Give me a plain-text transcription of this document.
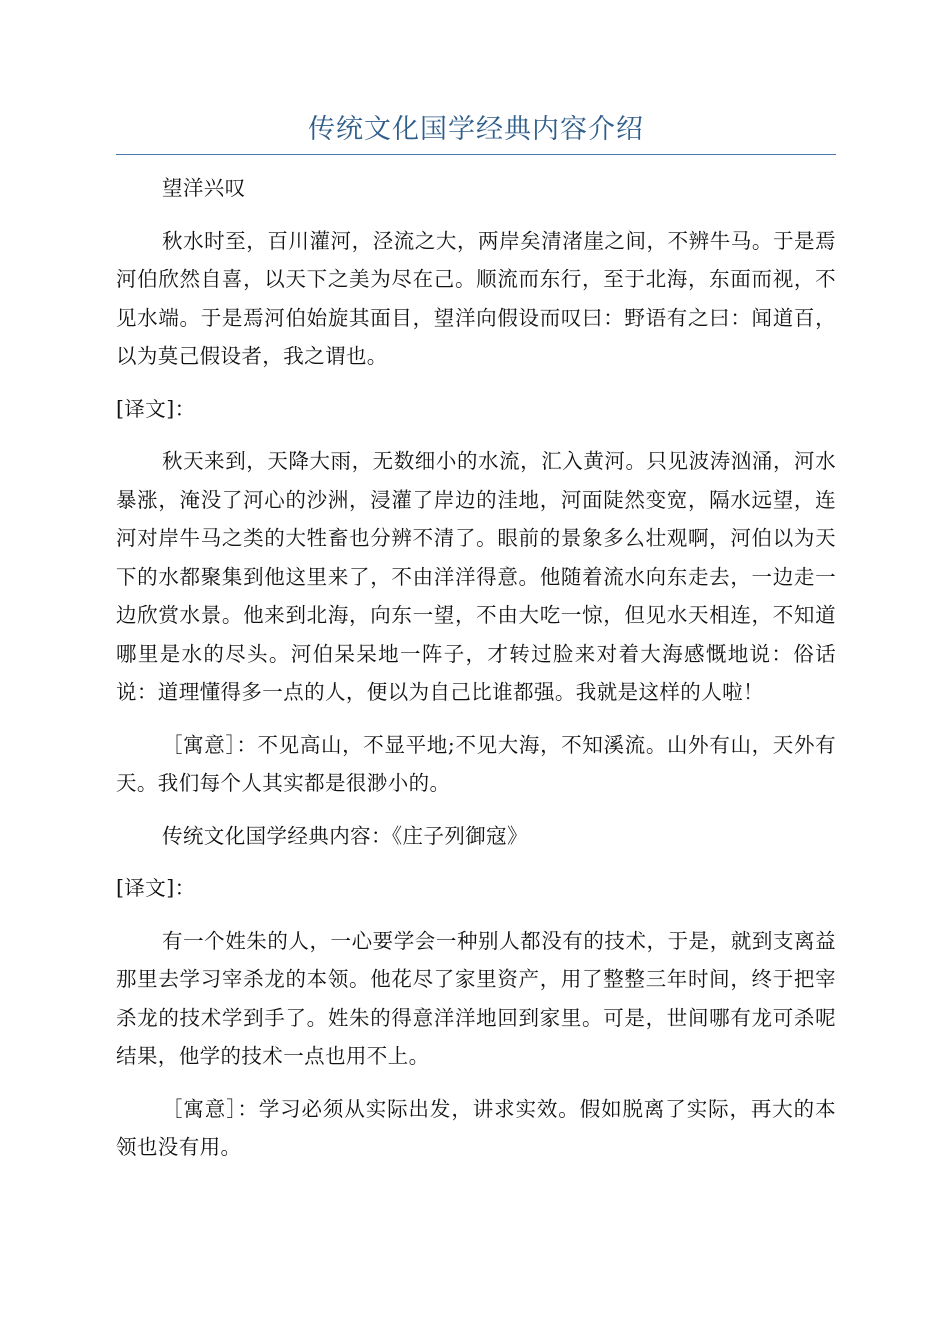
传统文化国学经典内容介绍

望洋兴叹

秋水时至，百川灌河，泾流之大，两岸矣清渚崖之间，不辨牛马。于是焉河伯欣然自喜，以天下之美为尽在己。顺流而东行，至于北海，东面而视，不见水端。于是焉河伯始旋其面目，望洋向假设而叹曰：野语有之曰：闻道百，以为莫己假设者，我之谓也。

[译文]：

秋天来到，天降大雨，无数细小的水流，汇入黄河。只见波涛汹涌，河水暴涨，淹没了河心的沙洲，浸灌了岸边的洼地，河面陡然变宽，隔水远望，连河对岸牛马之类的大牲畜也分辨不清了。眼前的景象多么壮观啊，河伯以为天下的水都聚集到他这里来了，不由洋洋得意。他随着流水向东走去，一边走一边欣赏水景。他来到北海，向东一望，不由大吃一惊，但见水天相连，不知道哪里是水的尽头。河伯呆呆地一阵子，才转过脸来对着大海感慨地说：俗话说：道理懂得多一点的人，便以为自己比谁都强。我就是这样的人啦！

［寓意］：不见高山，不显平地;不见大海，不知溪流。山外有山，天外有天。我们每个人其实都是很渺小的。

传统文化国学经典内容：《庄子列御寇》

[译文]：

有一个姓朱的人，一心要学会一种别人都没有的技术，于是，就到支离益那里去学习宰杀龙的本领。他花尽了家里资产，用了整整三年时间，终于把宰杀龙的技术学到手了。姓朱的得意洋洋地回到家里。可是，世间哪有龙可杀呢结果，他学的技术一点也用不上。

［寓意］：学习必须从实际出发，讲求实效。假如脱离了实际，再大的本领也没有用。
